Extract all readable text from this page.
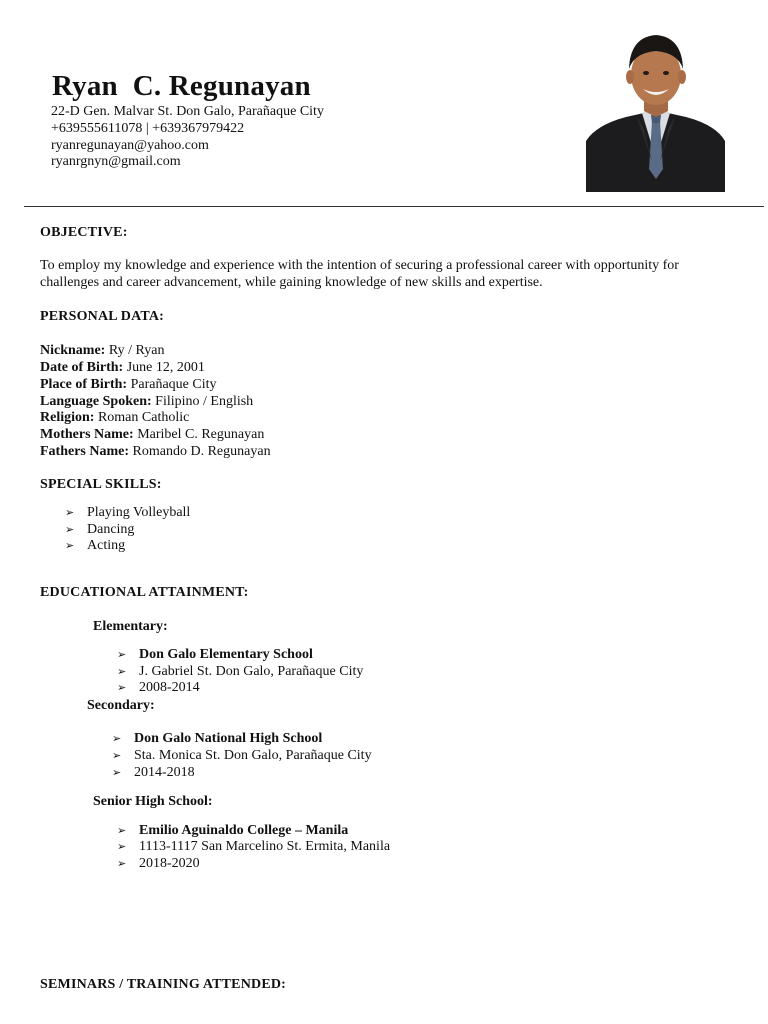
Ryan  C. Regunayan
22-D Gen. Malvar St. Don Galo, Parañaque City
+639555611078 | +639367979422
ryanregunayan@yahoo.com
ryanrgnyn@gmail.com
OBJECTIVE:
To employ my knowledge and experience with the intention of securing a professional career with opportunity for challenges and career advancement, while gaining knowledge of new skills and expertise.
PERSONAL DATA:
Nickname: Ry / Ryan
Date of Birth: June 12, 2001
Place of Birth: Parañaque City
Language Spoken: Filipino / English
Religion: Roman Catholic
Mothers Name: Maribel C. Regunayan
Fathers Name: Romando D. Regunayan
SPECIAL SKILLS:
➢ Playing Volleyball
➢ Dancing
➢ Acting
EDUCATIONAL ATTAINMENT:
Elementary:
➢ Don Galo Elementary School
➢ J. Gabriel St. Don Galo, Parañaque City
➢ 2008-2014
Secondary:
➢ Don Galo National High School
➢ Sta. Monica St. Don Galo, Parañaque City
➢ 2014-2018
Senior High School:
➢ Emilio Aguinaldo College – Manila
➢ 1113-1117 San Marcelino St. Ermita, Manila
➢ 2018-2020
SEMINARS / TRAINING ATTENDED:
